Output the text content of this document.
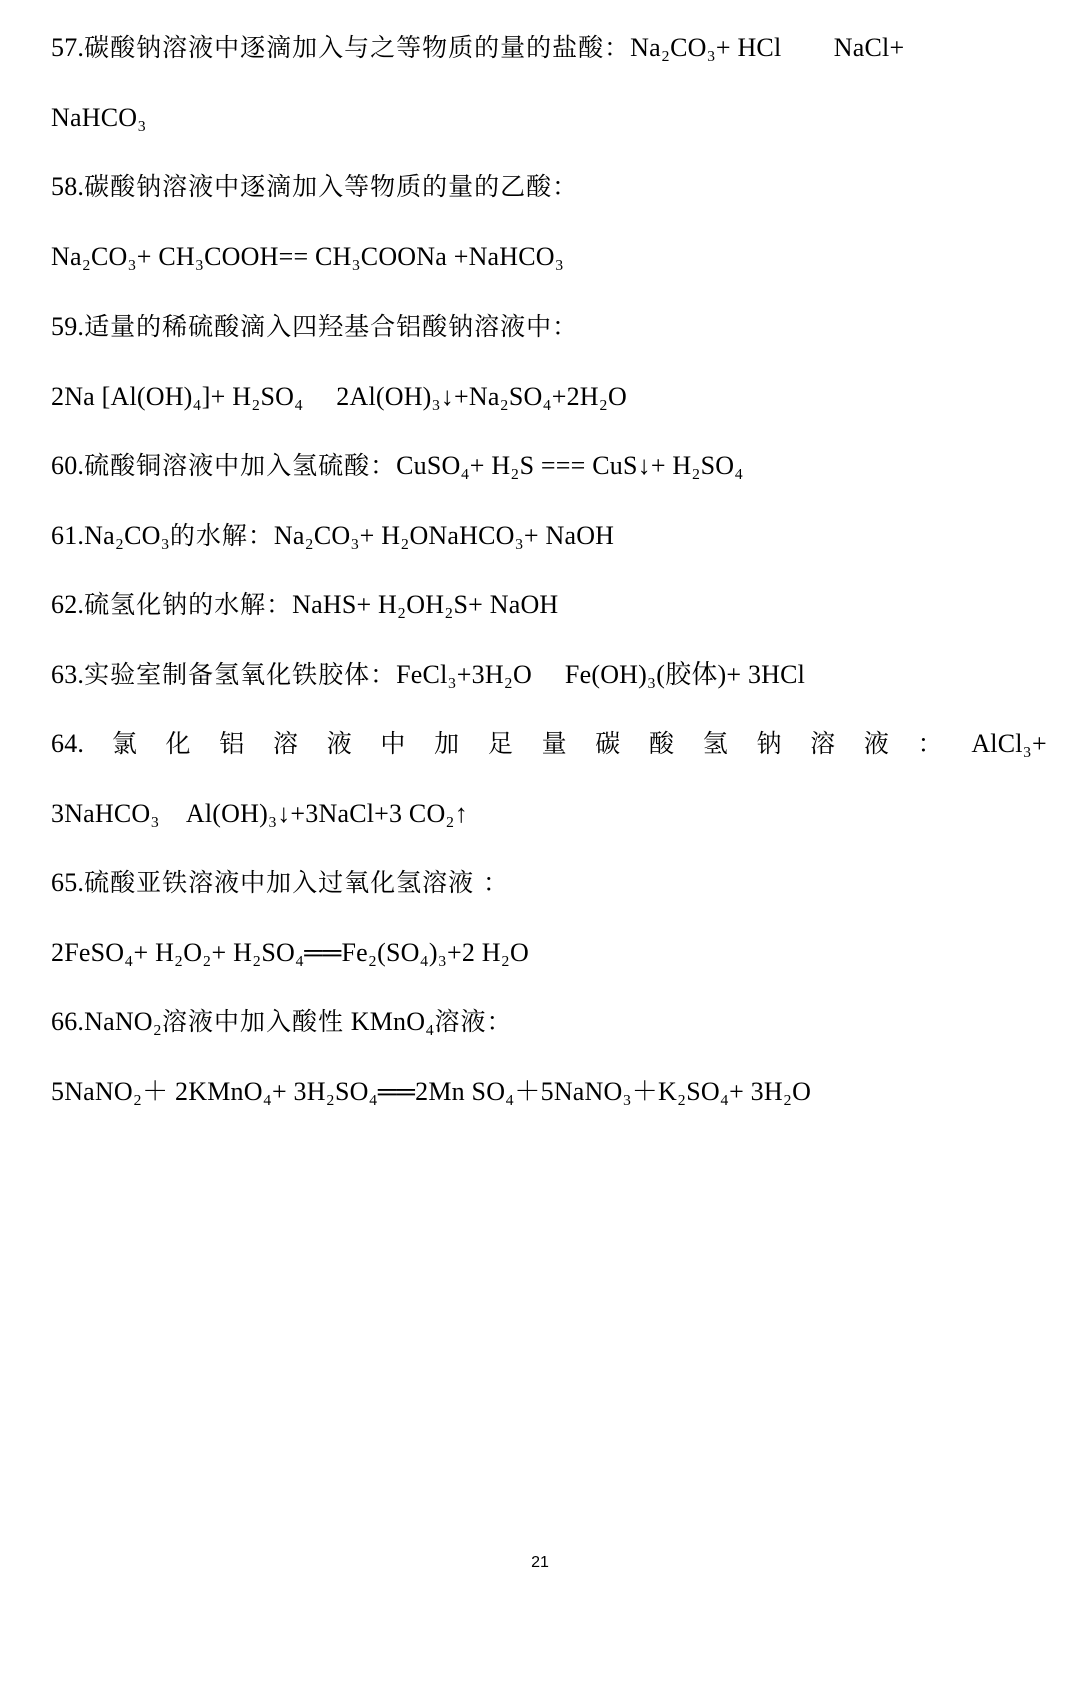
57.碳酸钠溶液中逐滴加入与之等物质的量的盐酸：Na₂CO₃+ HCl　　NaCl+
NaHCO₃
58.碳酸钠溶液中逐滴加入等物质的量的乙酸：
Na₂CO₃+ CH₃COOH== CH₃COONa +NaHCO₃
59.适量的稀硫酸滴入四羟基合铝酸钠溶液中：
2Na [Al(OH)₄]+ H₂SO₄　 2Al(OH)₃↓+Na₂SO₄+2H₂O
60.硫酸铜溶液中加入氢硫酸：CuSO₄+ H₂S === CuS↓+ H₂SO₄
61.Na₂CO₃的水解：Na₂CO₃+ H₂ONaHCO₃+ NaOH
62.硫氢化钠的水解：NaHS+ H₂OH₂S+ NaOH
63.实验室制备氢氧化铁胶体：FeCl₃+3H₂O　 Fe(OH)₃(胶体)+ 3HCl
64. 氯 化 铝 溶 液 中 加 足 量 碳 酸 氢 钠 溶 液 ： AlCl₃+
3NaHCO₃　Al(OH)₃↓+3NaCl+3 CO₂↑
65.硫酸亚铁溶液中加入过氧化氢溶液 ：
2FeSO₄+ H₂O₂+ H₂SO₄══Fe₂(SO₄)₃+2 H₂O
66.NaNO₂溶液中加入酸性 KMnO₄溶液：
5NaNO₂＋ 2KMnO₄+ 3H₂SO₄══2Mn SO₄＋5NaNO₃＋K₂SO₄+ 3H₂O
21
